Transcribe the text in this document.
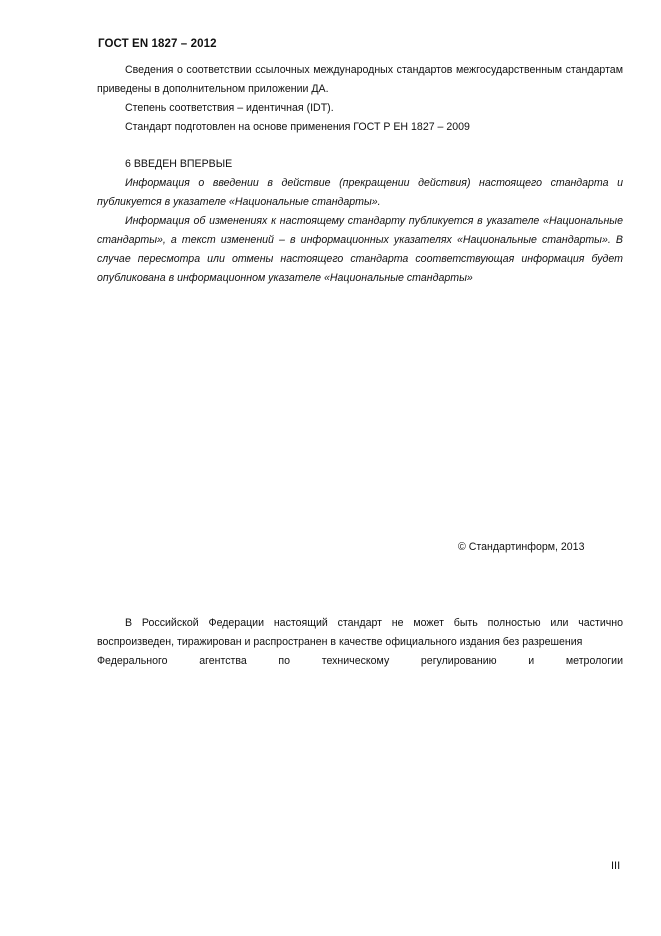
ГОСТ EN 1827 – 2012

Сведения о соответствии ссылочных международных стандартов межгосударственным стандартам приведены в дополнительном приложении ДА.

Степень соответствия – идентичная (IDT).

Стандарт подготовлен на основе применения ГОСТ Р ЕН 1827 – 2009

6 ВВЕДЕН ВПЕРВЫЕ

Информация о введении в действие (прекращении действия) настоящего стандарта и публикуется в указателе «Национальные стандарты».

Информация об изменениях к настоящему стандарту публикуется в указателе «Национальные стандарты», а текст изменений – в информационных указателях «Национальные стандарты». В случае пересмотра или отмены настоящего стандарта соответствующая информация будет опубликована в информационном указателе «Национальные стандарты»

© Стандартинформ, 2013

В Российской Федерации настоящий стандарт не может быть полностью или частично воспроизведен, тиражирован и распространен в качестве официального издания без разрешения

Федерального агентства по техническому регулированию и метрологии

III
